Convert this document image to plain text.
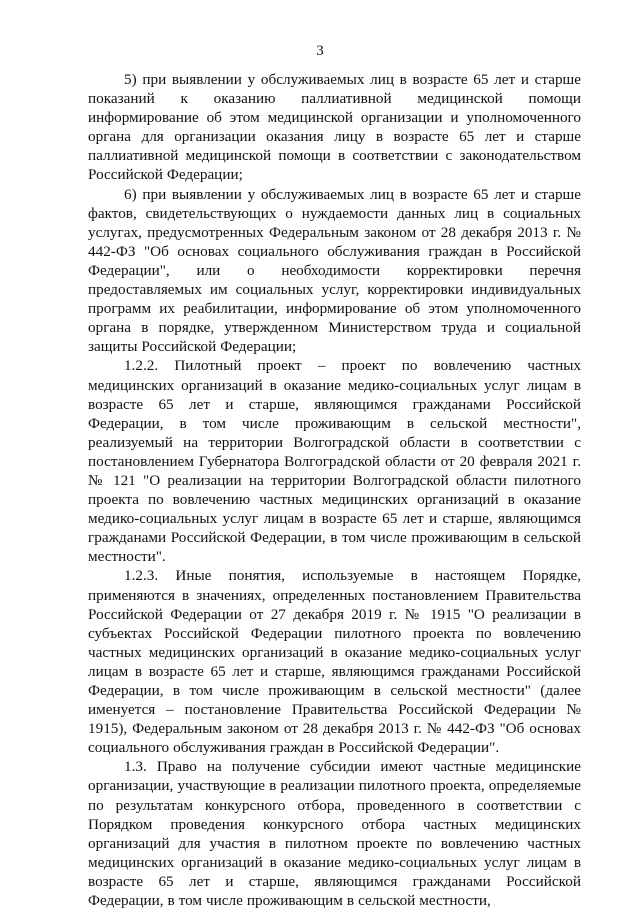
3

5) при выявлении у обслуживаемых лиц в возрасте 65 лет и старше показаний к оказанию паллиативной медицинской помощи информирование об этом медицинской организации и уполномоченного органа для организации оказания лицу в возрасте 65 лет и старше паллиативной медицинской помощи в соответствии с законодательством Российской Федерации;

6) при выявлении у обслуживаемых лиц в возрасте 65 лет и старше фактов, свидетельствующих о нуждаемости данных лиц в социальных услугах, предусмотренных Федеральным законом от 28 декабря 2013 г. № 442-ФЗ "Об основах социального обслуживания граждан в Российской Федерации", или о необходимости корректировки перечня предоставляемых им социальных услуг, корректировки индивидуальных программ их реабилитации, информирование об этом уполномоченного органа в порядке, утвержденном Министерством труда и социальной защиты Российской Федерации;

1.2.2. Пилотный проект – проект по вовлечению частных медицинских организаций в оказание медико-социальных услуг лицам в возрасте 65 лет и старше, являющимся гражданами Российской Федерации, в том числе проживающим в сельской местности", реализуемый на территории Волгоградской области в соответствии с постановлением Губернатора Волгоградской области от 20 февраля 2021 г. № 121 "О реализации на территории Волгоградской области пилотного проекта по вовлечению частных медицинских организаций в оказание медико-социальных услуг лицам в возрасте 65 лет и старше, являющимся гражданами Российской Федерации, в том числе проживающим в сельской местности".

1.2.3. Иные понятия, используемые в настоящем Порядке, применяются в значениях, определенных постановлением Правительства Российской Федерации от 27 декабря 2019 г. № 1915 "О реализации в субъектах Российской Федерации пилотного проекта по вовлечению частных медицинских организаций в оказание медико-социальных услуг лицам в возрасте 65 лет и старше, являющимся гражданами Российской Федерации, в том числе проживающим в сельской местности" (далее именуется – постановление Правительства Российской Федерации № 1915), Федеральным законом от 28 декабря 2013 г. № 442-ФЗ "Об основах социального обслуживания граждан в Российской Федерации".

1.3. Право на получение субсидии имеют частные медицинские организации, участвующие в реализации пилотного проекта, определяемые по результатам конкурсного отбора, проведенного в соответствии с Порядком проведения конкурсного отбора частных медицинских организаций для участия в пилотном проекте по вовлечению частных медицинских организаций в оказание медико-социальных услуг лицам в возрасте 65 лет и старше, являющимся гражданами Российской Федерации, в том числе проживающим в сельской местности,
